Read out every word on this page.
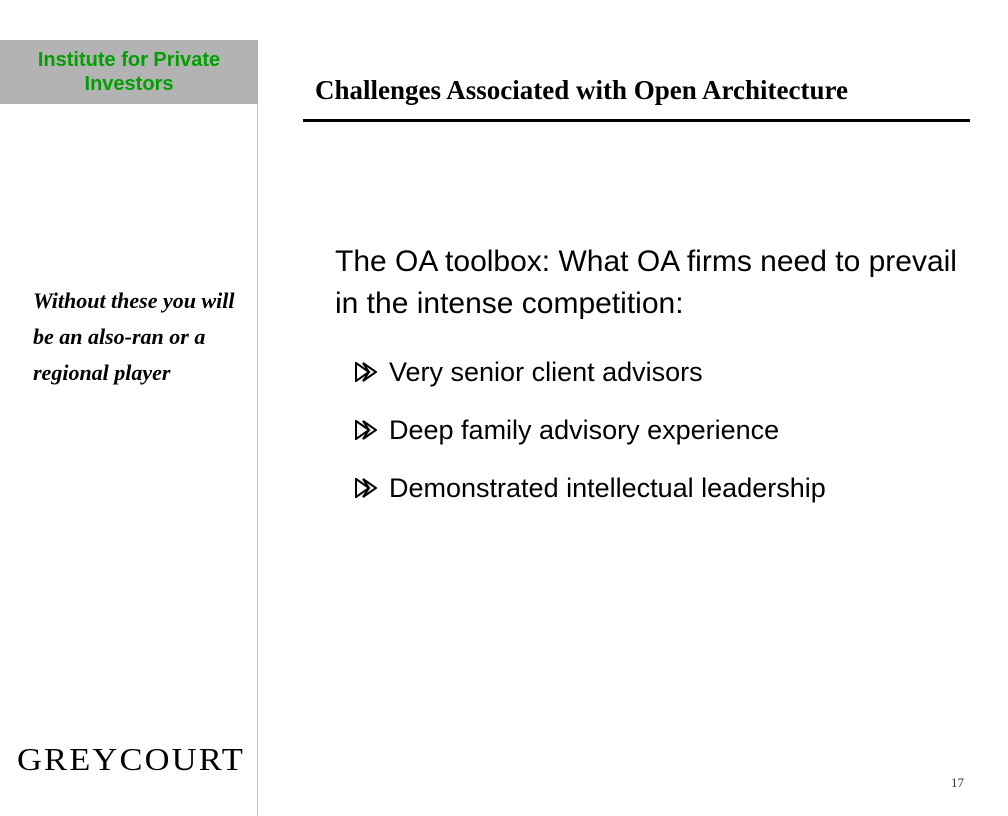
Institute for Private
Investors

Without these you will be an also-ran or a regional player

GREYCOURT
Challenges Associated with Open Architecture
The OA toolbox: What OA firms need to prevail in the intense competition:
Very senior client advisors
Deep family advisory experience
Demonstrated intellectual leadership
17
